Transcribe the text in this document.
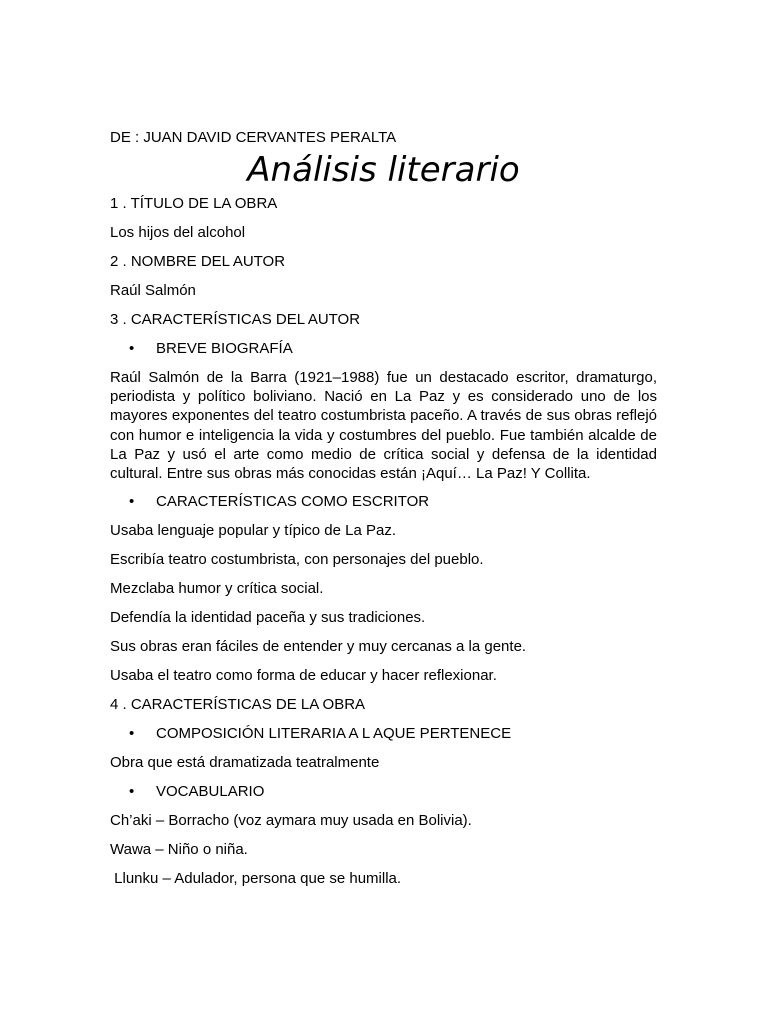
DE : JUAN DAVID CERVANTES PERALTA

Análisis literario

1 . TÍTULO DE LA OBRA

Los hijos del alcohol

2 . NOMBRE DEL AUTOR

Raúl Salmón

3 . CARACTERÍSTICAS DEL AUTOR

• BREVE BIOGRAFÍA

Raúl Salmón de la Barra (1921–1988) fue un destacado escritor, dramaturgo, periodista y político boliviano. Nació en La Paz y es considerado uno de los mayores exponentes del teatro costumbrista paceño. A través de sus obras reflejó con humor e inteligencia la vida y costumbres del pueblo. Fue también alcalde de La Paz y usó el arte como medio de crítica social y defensa de la identidad cultural. Entre sus obras más conocidas están ¡Aquí… La Paz! Y Collita.

• CARACTERÍSTICAS COMO ESCRITOR

Usaba lenguaje popular y típico de La Paz.

Escribía teatro costumbrista, con personajes del pueblo.

Mezclaba humor y crítica social.

Defendía la identidad paceña y sus tradiciones.

Sus obras eran fáciles de entender y muy cercanas a la gente.

Usaba el teatro como forma de educar y hacer reflexionar.

4 . CARACTERÍSTICAS DE LA OBRA

• COMPOSICIÓN LITERARIA A L AQUE PERTENECE

Obra que está dramatizada teatralmente

• VOCABULARIO

Ch’aki – Borracho (voz aymara muy usada en Bolivia).

Wawa – Niño o niña.

Llunku – Adulador, persona que se humilla.
